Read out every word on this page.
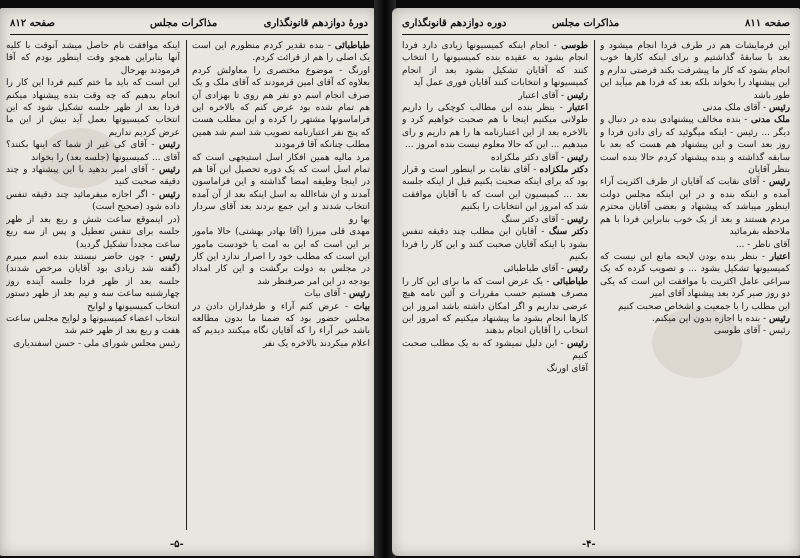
صفحه ۸۱۲	مذاکرات مجلس	دورهٔ دوازدهم قانونگذاری

طباطبائی - بنده تقدیر کردم منظورم این است یک اصلی را هم از قرائت کردم.

اورنگ - موضوع مختصری را معاولش کردم بعلاوه که آقای امین قرمودند که آقای ملک و یک صرف انجام اسم دو نفر هم روی تا بهزادی آن هم تمام شده بود عرض کنم که بالاخره این فراماسونها مشتهر را کرده و این مطلب هست که پنج نفر اعتبارنامه تصویب شد اسم شد همین مطلب چنانکه آقا قرمودند

مرد مالیه همین افکار اسل استیجهی است که تمام اسل است که یک دوره تحصیل این آقا هم در اینجا وظیفه امضا گذاشته و این فراماسون آمدند و ان شاءالله به اسل اینکه بعد از آن آمده انتخاب شدند و این جمع بردند بعد آقای سردار بها رو

مهدی قلی میرزا (آقا بهادر بهشتی) حالا مامور بر این است که این به امت یا خودست مامور این است که مطلب خود را اصرار ندارد این کار در مجلس به دولت برگشت و این کار امداد بودجه در این امر صرفنظر شد

رئیس - آقای بیات

بیات - عرض کنم آراء و طرفداران دادن در مجلس حضور بود که ضمنا ما بدون مطالعه باشد خبر آراء را که آقایان نگاه میکنند دیدیم که اعلام میکردند بالاخره یک نفر

اینکه موافقت نام حاصل میشد آنوقت با کلیه آنها بنابراین همچو وقت اینطور بودم که آقا فرمودند بهرحال

این است که باید ما ختم کنیم فردا این کار را انجام بدهیم که چه وقت بنده پیشنهاد میکنم فردا بعد از ظهر جلسه تشکیل شود که این انتخاب کمیسیونها بعمل آید بیش از این ما عرض کردیم نداریم

رئیس - آقای کی غیر از شما که اینها بکنند؟ آقای ... کمیسیونها (جلسه بعد) را بخواند

رئیس - آقای امیر بدهید با این پیشنهاد و چند دقیقه صحبت کنید

رئیس - اگر اجازه میفرمائید چند دقیقه تنفس داده شود (صحیح است)

(در اینموقع ساعت شش و ربع بعد از ظهر جلسه برای تنفس تعطیل و پس از سه ربع ساعت مجدداً تشکیل گردید)

رئیس - چون حاضر نیستند بنده اسم میبرم (گفته شد زیادی بود آقایان مرخص شدند) جلسه بعد از ظهر فردا جلسه آینده روز چهارشنبه ساعت سه و نیم بعد از ظهر دستور انتخاب کمیسیونها و لوایح

انتخاب اعضاء کمیسیونها و لوایح مجلس ساعت هفت و ربع بعد از ظهر ختم شد

رئیس مجلس شورای ملی - حسن اسفندیاری

-۵-
دوره دوازدهم قانونگذاری	مذاکرات مجلس	صفحه ۸۱۱

این فرمایشات هم در طرف فردا انجام میشود و بعد با سابقهٔ گذاشتیم و برای اینکه کارها خوب انجام بشود که کار ما پیشرفت بکند فرصتی ندارم و این پیشنهاد را بخواند بلکه بعد که فردا هم میآید این طور باشد

رئیس - آقای ملک مدنی

ملک مدنی - بنده مخالف پیشنهادی بنده در دنبال و دیگر ... رئیس - اینکه میگوئید که رای دادن فردا و روز بعد است و این پیشنهاد هم هست که بعد با سابقه گذاشته و بنده پیشنهاد کردم حالا بنده است بنظر آقایان

رئیس - آقای نقابت که آقایان از طرف اکثریت آراء آمده و اینکه بنده و در این اینکه مجلس دولت اینطور میباشد که پیشنهاد و بعضی آقایان محترم مردم هستند و بعد از یک خوب بنابراین فردا با هم ملاحظه بفرمائید

آقای ناظر - ...

اعتبار - بنظر بنده بودن لایحه مانع این نیست که کمیسیونها تشکیل بشود ... و تصویب کرده که یک سراغی عامل اکثریت با موافقت این است که یکی دو روز صبر کرد بعد پیشنهاد آقای امیر

این مطلب را با جمعیت و اشخاص صحبت کنیم

رئیس - بنده با اجازه بدون این میکنم.

رئیس - آقای طوسی

طوسی - انجام اینکه کمیسیونها زیادی دارد فردا انجام بشود به عقیده بنده کمیسیونها را انتخاب کنند که آقایان تشکیل بشود بعد از انجام کمیسیونها و انتخابات کنند آقایان فوری عمل آید

رئیس - آقای اعتبار

اعتبار - بنظر بنده این مطالب کوچکی را داریم طولانی میکنیم اینجا با هم صحبت خواهیم کرد و بالاخره بعد از این اعتبارنامه ها را هم داریم و رای میدهیم ... این که حالا معلوم نیست بنده امروز ...

رئیس - آقای دکتر ملکزاده

دکتر ملکزاده - آقای نقابت بر اینطور است و قرار بود که برای اینکه صحبت بکنیم قبل از اینکه جلسه بعد ... کمیسیون این است که با آقایان موافقت شد که امروز این انتخابات را بکنیم

رئیس - آقای دکتر سنگ

دکتر سنگ - آقایان این مطلب چند دقیقه تنفس بشود با اینکه آقایان صحبت کنند و این کار را فردا بکنیم

رئیس - آقای طباطبائی

طباطبائی - یک عرض است که ما برای این کار را مصرف هستیم حسب مقررات و آئین نامه هیچ عرضی نداریم و اگر امکان داشته باشد امروز این کارها انجام بشود ما پیشنهاد میکنیم که امروز این انتخاب را آقایان انجام بدهند

رئیس - این دلیل نمیشود که به یک مطلب صحبت کنیم

آقای اورنگ

-۴-
